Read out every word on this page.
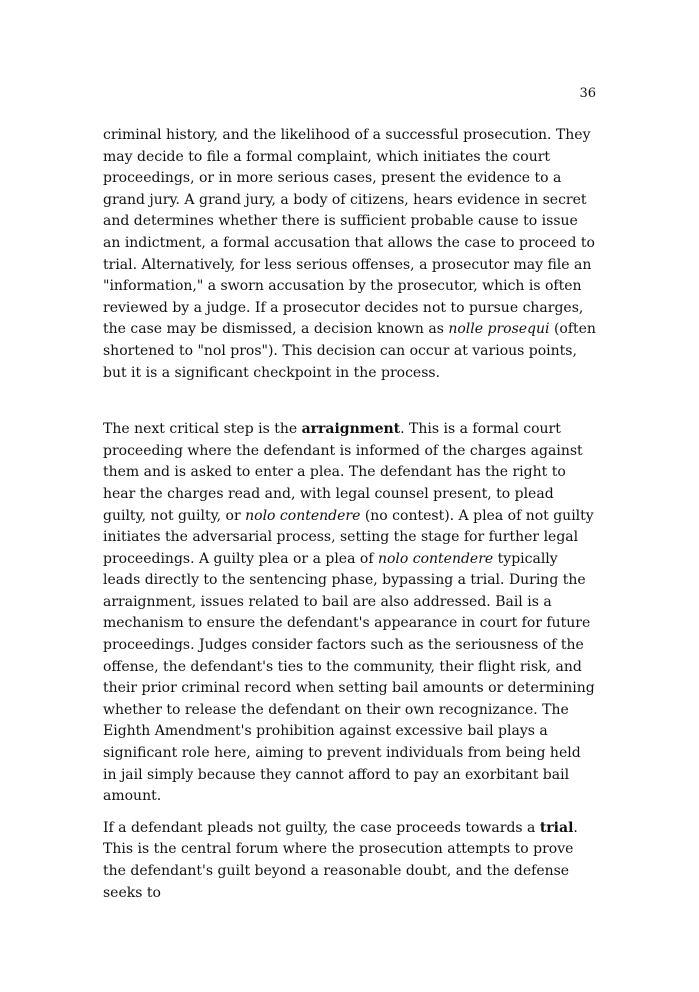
36

criminal history, and the likelihood of a successful prosecution. They may decide to file a formal complaint, which initiates the court proceedings, or in more serious cases, present the evidence to a grand jury. A grand jury, a body of citizens, hears evidence in secret and determines whether there is sufficient probable cause to issue an indictment, a formal accusation that allows the case to proceed to trial. Alternatively, for less serious offenses, a prosecutor may file an "information," a sworn accusation by the prosecutor, which is often reviewed by a judge. If a prosecutor decides not to pursue charges, the case may be dismissed, a decision known as nolle prosequi (often shortened to "nol pros"). This decision can occur at various points, but it is a significant checkpoint in the process.

The next critical step is the arraignment. This is a formal court proceeding where the defendant is informed of the charges against them and is asked to enter a plea. The defendant has the right to hear the charges read and, with legal counsel present, to plead guilty, not guilty, or nolo contendere (no contest). A plea of not guilty initiates the adversarial process, setting the stage for further legal proceedings. A guilty plea or a plea of nolo contendere typically leads directly to the sentencing phase, bypassing a trial. During the arraignment, issues related to bail are also addressed. Bail is a mechanism to ensure the defendant's appearance in court for future proceedings. Judges consider factors such as the seriousness of the offense, the defendant's ties to the community, their flight risk, and their prior criminal record when setting bail amounts or determining whether to release the defendant on their own recognizance. The Eighth Amendment's prohibition against excessive bail plays a significant role here, aiming to prevent individuals from being held in jail simply because they cannot afford to pay an exorbitant bail amount.

If a defendant pleads not guilty, the case proceeds towards a trial. This is the central forum where the prosecution attempts to prove the defendant's guilt beyond a reasonable doubt, and the defense seeks to
